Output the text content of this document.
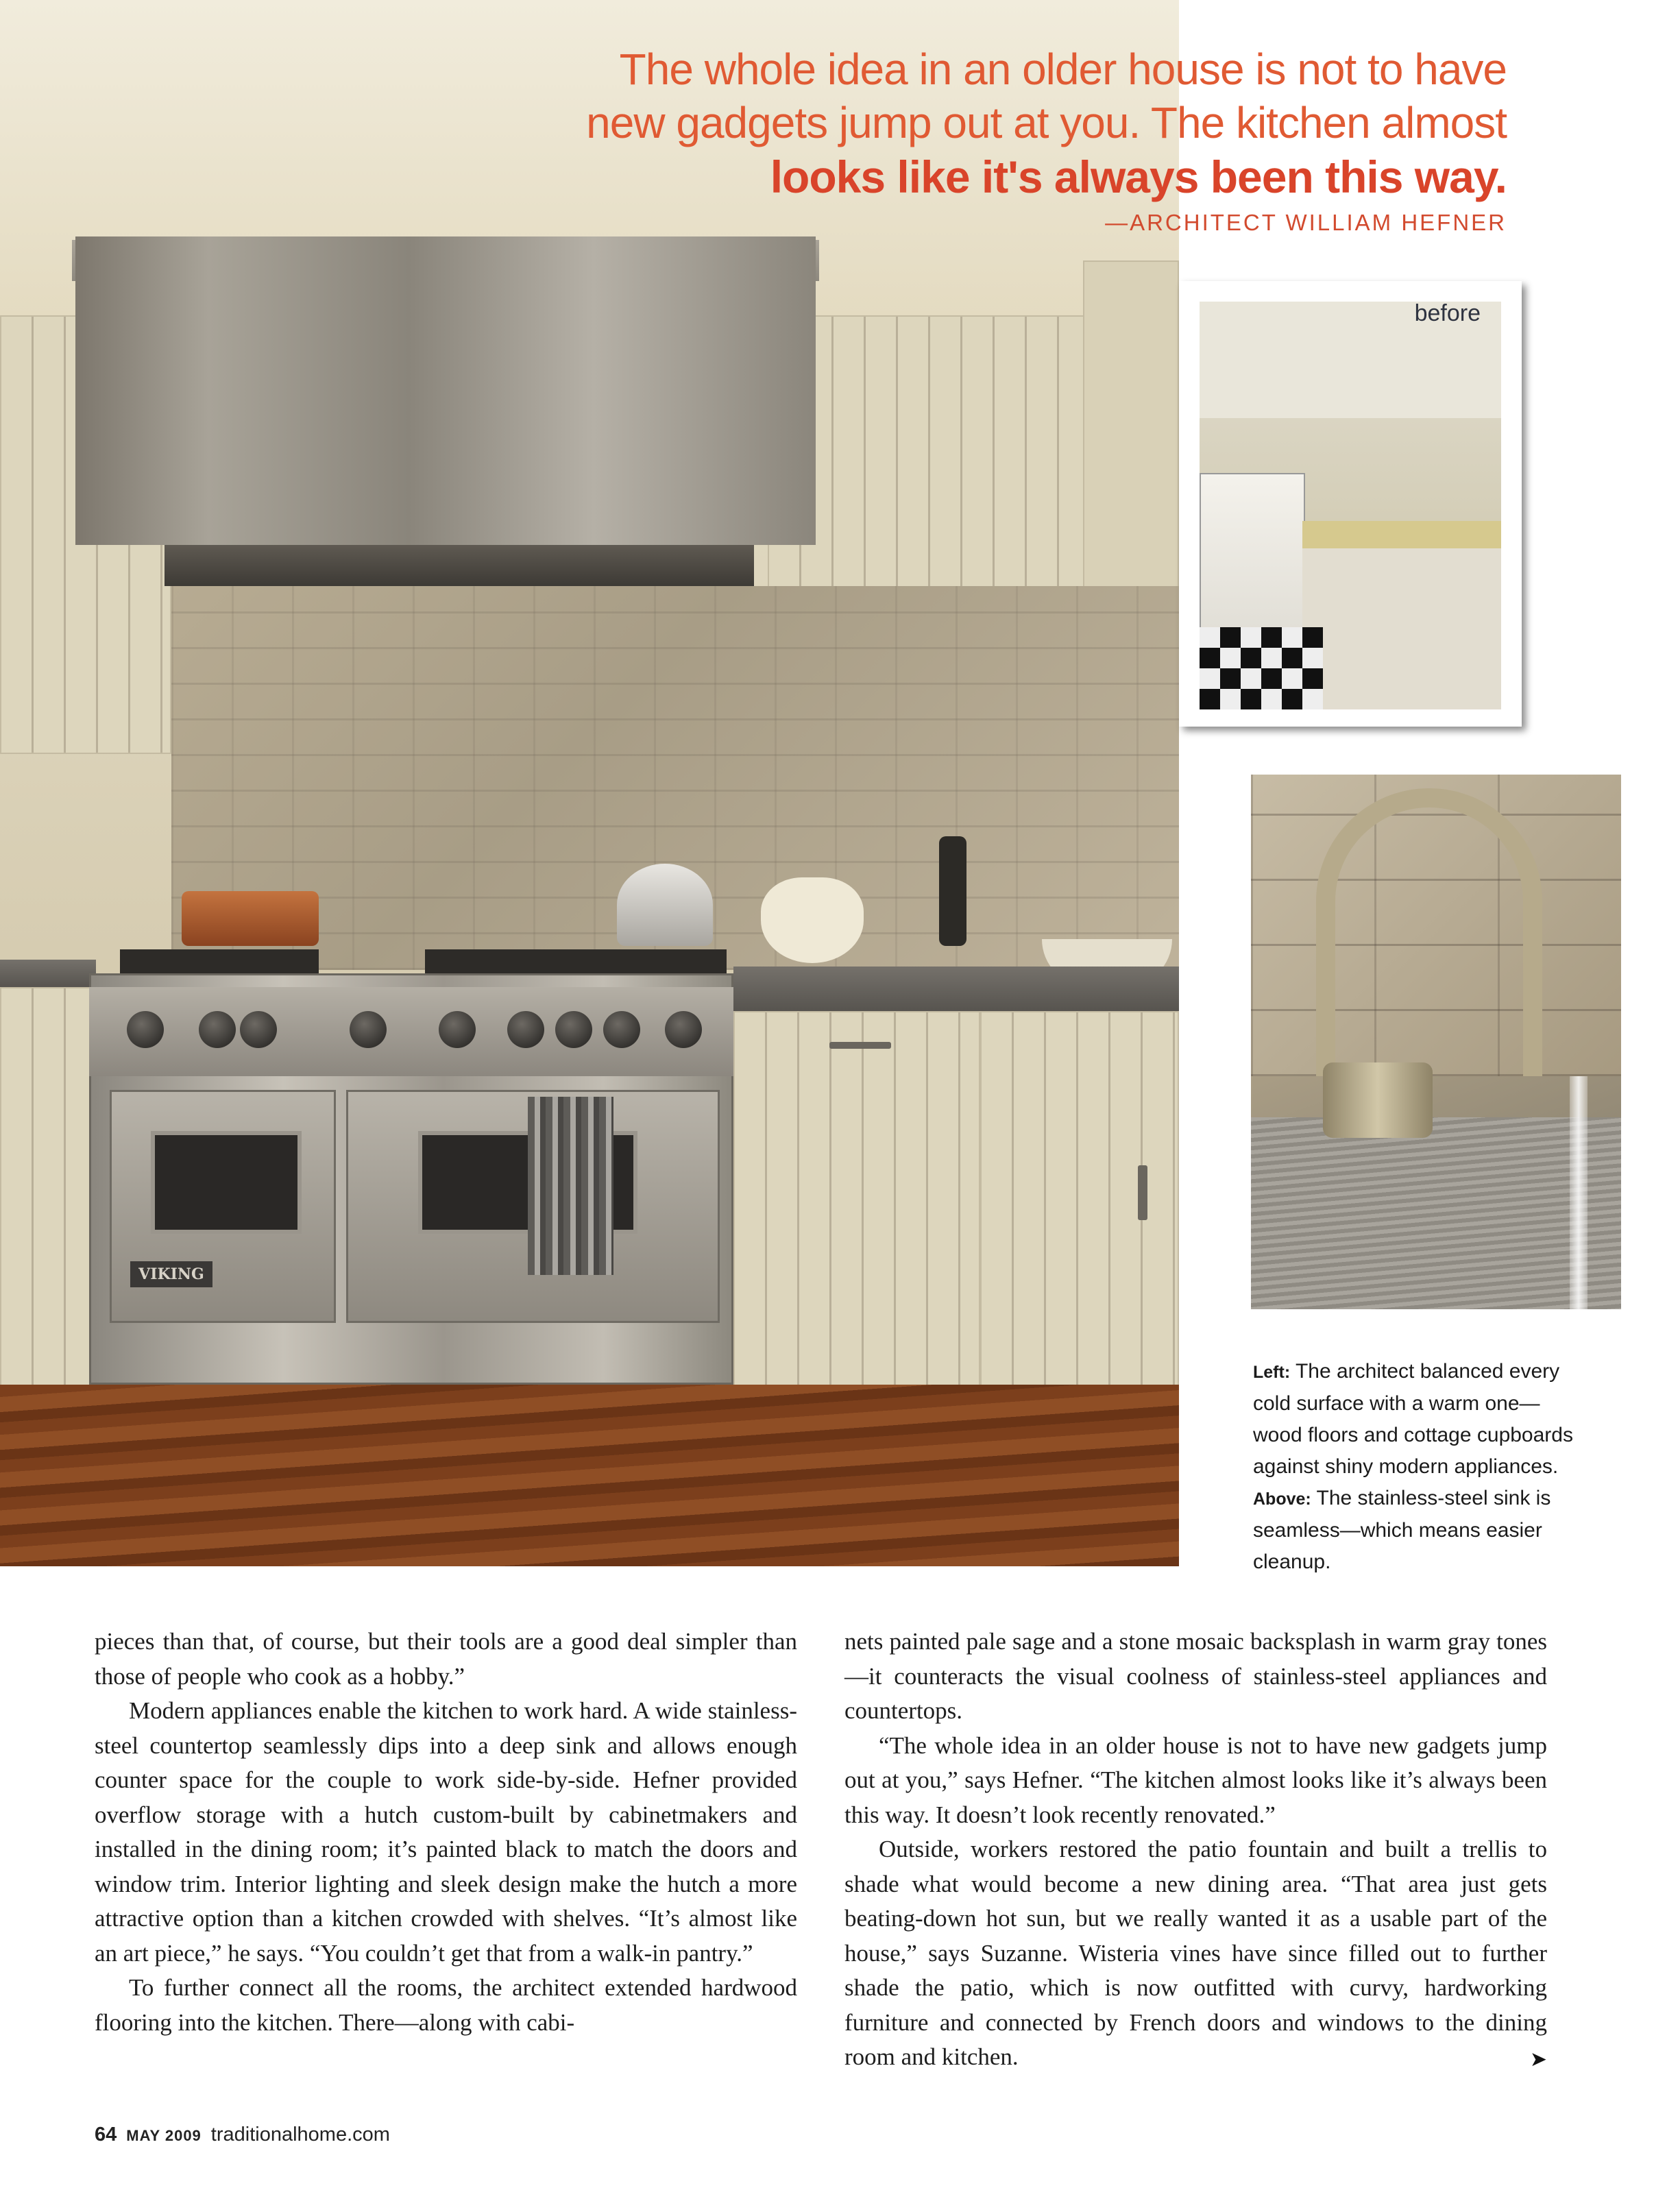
VIKING
The whole idea in an older house is not to have
new gadgets jump out at you. The kitchen almost
looks like it's always been this way.
—ARCHITECT WILLIAM HEFNER
before
Left: The architect balanced every cold surface with a warm one—wood floors and cottage cupboards against shiny modern appliances. Above: The stainless-steel sink is seamless—which means easier cleanup.

pieces than that, of course, but their tools are a good deal simpler than those of people who cook as a hobby.”

Modern appliances enable the kitchen to work hard. A wide stainless-steel countertop seamlessly dips into a deep sink and allows enough counter space for the couple to work side-by-side. Hefner provided overflow storage with a hutch custom-built by cabinetmakers and installed in the dining room; it’s painted black to match the doors and window trim. Interior lighting and sleek design make the hutch a more attractive option than a kitchen crowded with shelves. “It’s almost like an art piece,” he says. “You couldn’t get that from a walk-in pantry.”

To further connect all the rooms, the architect extended hardwood flooring into the kitchen. There—along with cabi-

nets painted pale sage and a stone mosaic backsplash in warm gray tones—it counteracts the visual coolness of stainless-steel appliances and countertops.

“The whole idea in an older house is not to have new gadgets jump out at you,” says Hefner. “The kitchen almost looks like it’s always been this way. It doesn’t look recently renovated.”

Outside, workers restored the patio fountain and built a trellis to shade what would become a new dining area. “That area just gets beating-down hot sun, but we really wanted it as a usable part of the house,” says Suzanne. Wisteria vines have since filled out to further shade the patio, which is now outfitted with curvy, hardworking furniture and connected by French doors and windows to the dining room and kitchen.	➤

64 MAY 2009 traditionalhome.com
